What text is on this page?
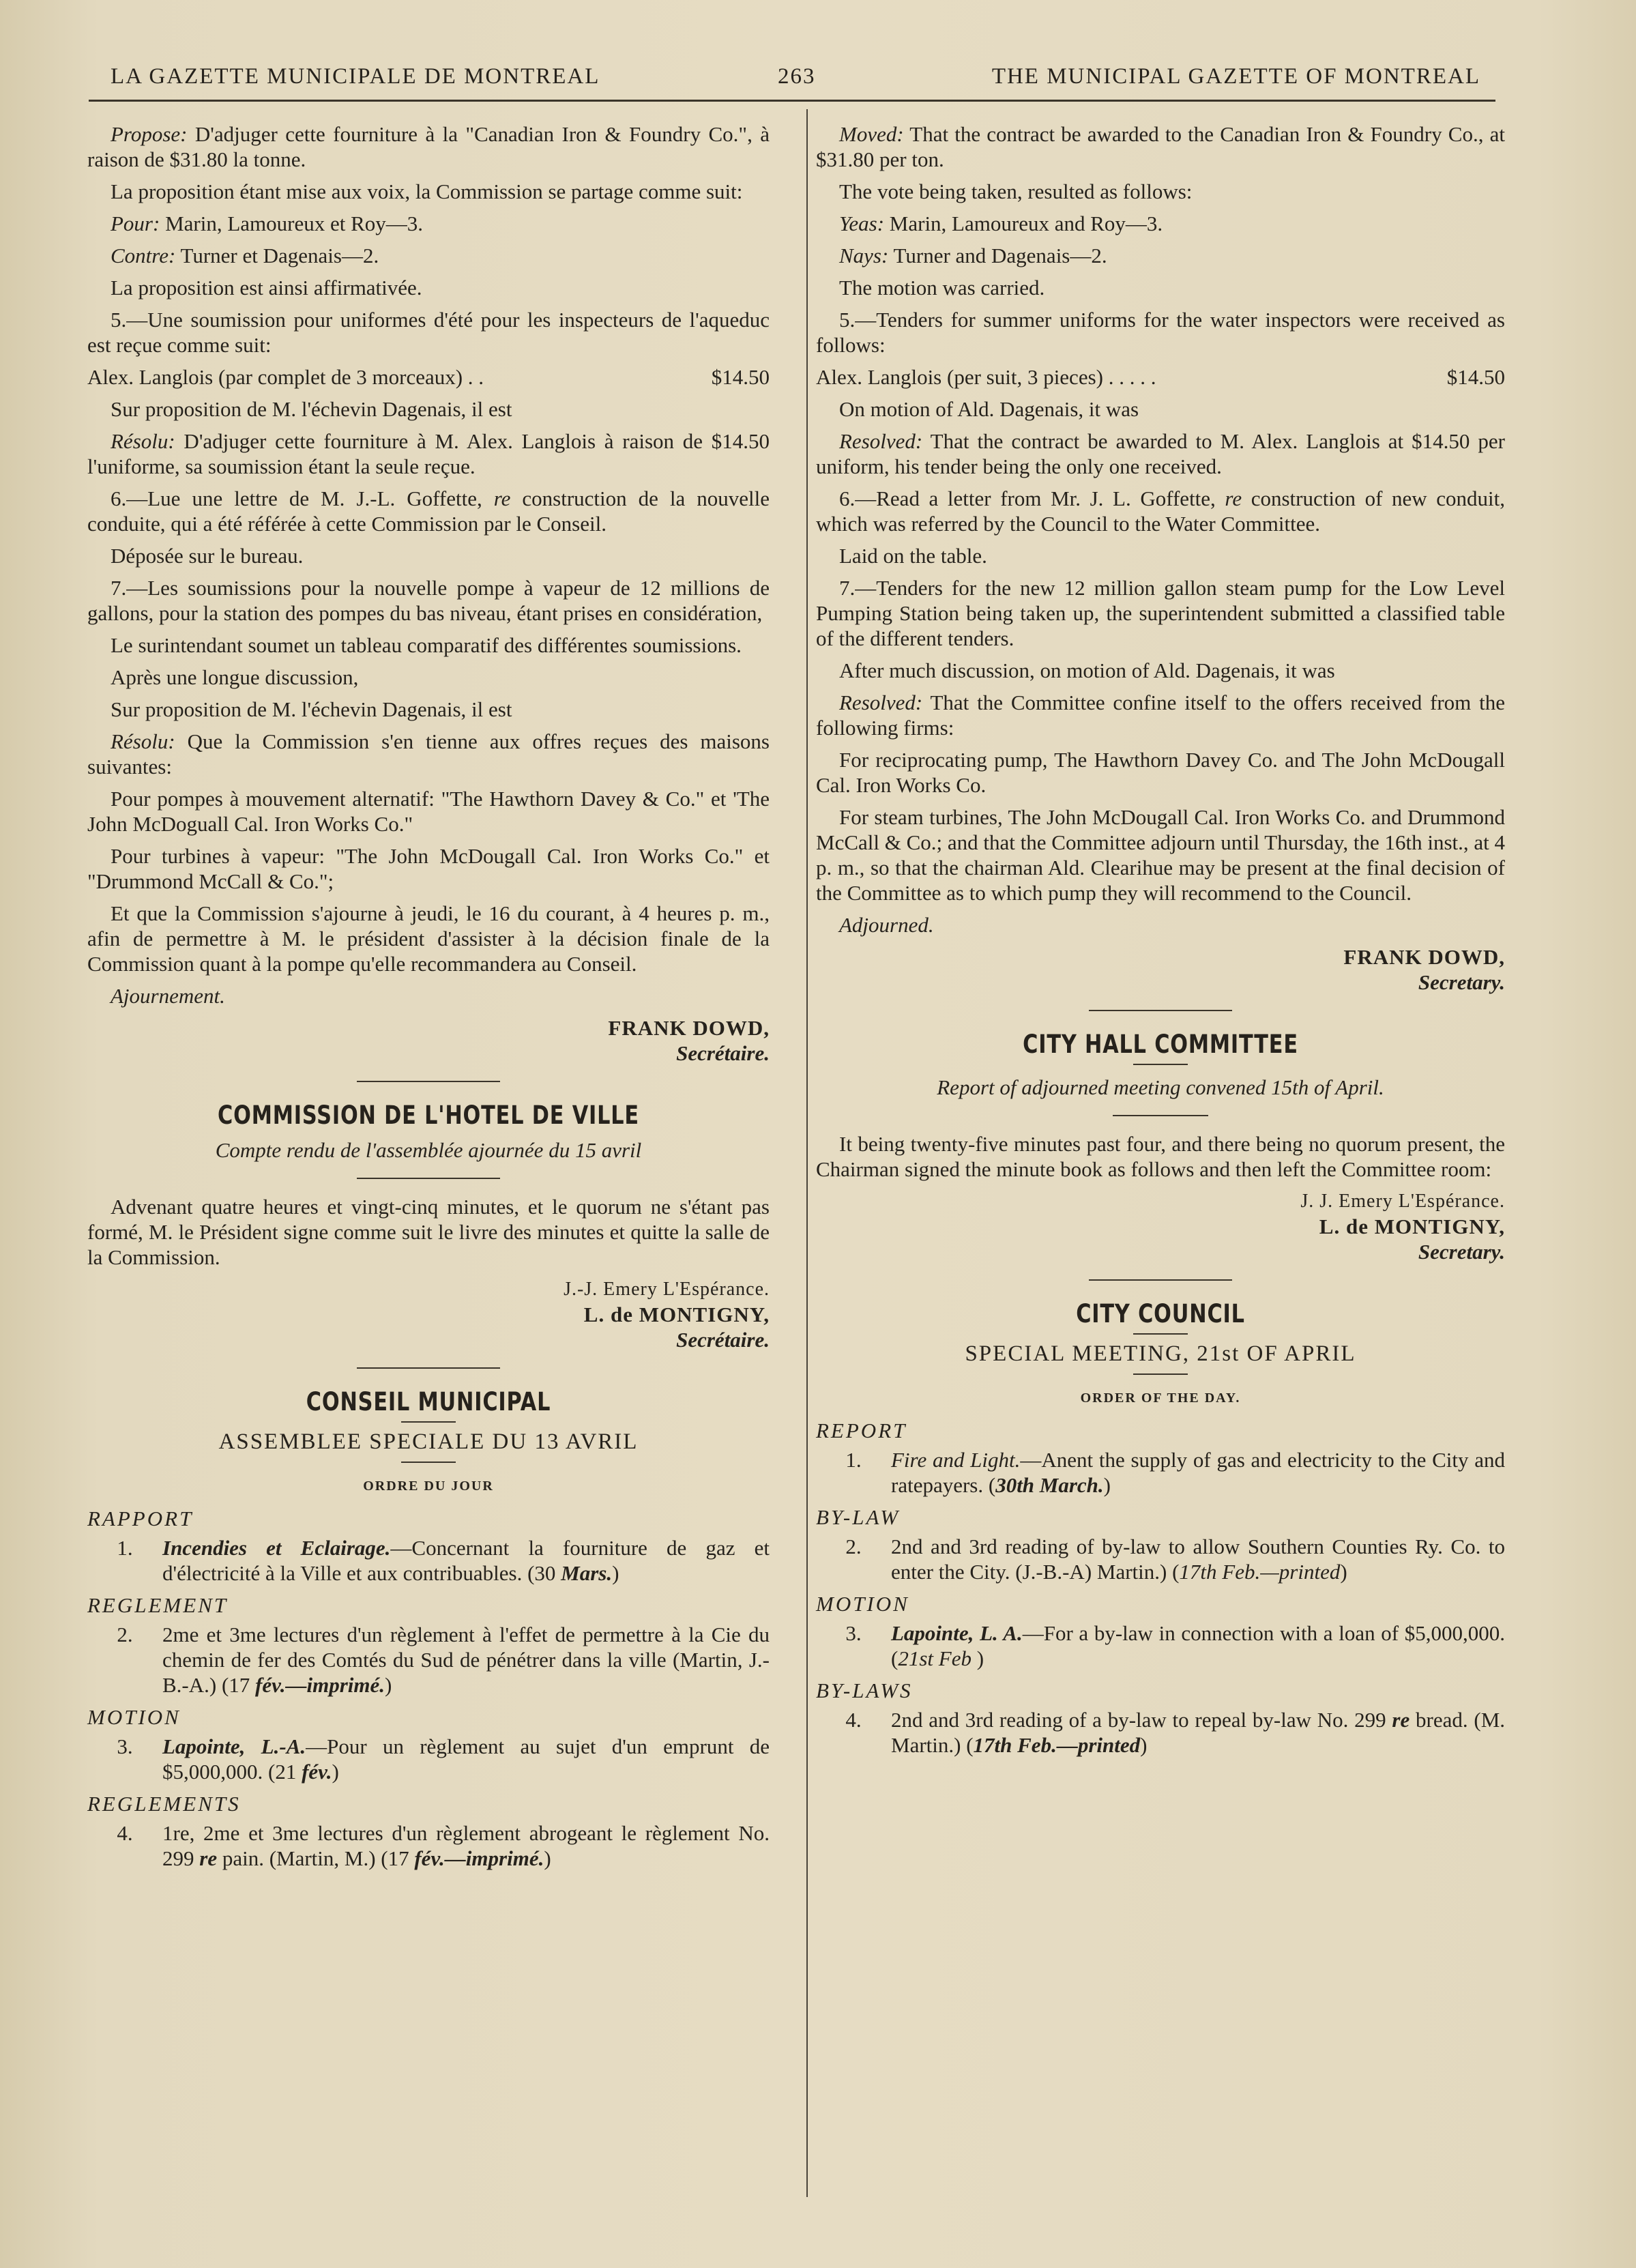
LA GAZETTE MUNICIPALE DE MONTREAL	263	THE MUNICIPAL GAZETTE OF MONTREAL

Propose: D'adjuger cette fourniture à la "Canadian Iron & Foundry Co.", à raison de $31.80 la tonne.

La proposition étant mise aux voix, la Commission se partage comme suit:

Pour: Marin, Lamoureux et Roy—3.

Contre: Turner et Dagenais—2.

La proposition est ainsi affirmativée.

5.—Une soumission pour uniformes d'été pour les inspecteurs de l'aqueduc est reçue comme suit:

Alex. Langlois (par complet de 3 morceaux) . .	$14.50

Sur proposition de M. l'échevin Dagenais, il est

Résolu: D'adjuger cette fourniture à M. Alex. Langlois à raison de $14.50 l'uniforme, sa soumission étant la seule reçue.

6.—Lue une lettre de M. J.-L. Goffette, re construction de la nouvelle conduite, qui a été référée à cette Commission par le Conseil.

Déposée sur le bureau.

7.—Les soumissions pour la nouvelle pompe à vapeur de 12 millions de gallons, pour la station des pompes du bas niveau, étant prises en considération,

Le surintendant soumet un tableau comparatif des différentes soumissions.

Après une longue discussion,

Sur proposition de M. l'échevin Dagenais, il est

Résolu: Que la Commission s'en tienne aux offres reçues des maisons suivantes:

Pour pompes à mouvement alternatif: "The Hawthorn Davey & Co." et 'The John McDoguall Cal. Iron Works Co."

Pour turbines à vapeur: "The John McDougall Cal. Iron Works Co." et "Drummond McCall & Co.";

Et que la Commission s'ajourne à jeudi, le 16 du courant, à 4 heures p. m., afin de permettre à M. le président d'assister à la décision finale de la Commission quant à la pompe qu'elle recommandera au Conseil.

Ajournement.

FRANK DOWD,

Secrétaire.

COMMISSION DE L'HOTEL DE VILLE
Compte rendu de l'assemblée ajournée du 15 avril

Advenant quatre heures et vingt-cinq minutes, et le quorum ne s'étant pas formé, M. le Président signe comme suit le livre des minutes et quitte la salle de la Commission.

J.-J. Emery L'Espérance.

L. de MONTIGNY,

Secrétaire.

CONSEIL MUNICIPAL
ASSEMBLEE SPECIALE DU 13 AVRIL
ORDRE DU JOUR
RAPPORT
1.	Incendies et Eclairage.—Concernant la fourniture de gaz et d'électricité à la Ville et aux contribuables. (30 Mars.)
REGLEMENT
2.	2me et 3me lectures d'un règlement à l'effet de permettre à la Cie du chemin de fer des Comtés du Sud de pénétrer dans la ville (Martin, J.-B.-A.) (17 fév.—imprimé.)
MOTION
3.	Lapointe, L.-A.—Pour un règlement au sujet d'un emprunt de $5,000,000. (21 fév.)
REGLEMENTS
4.	1re, 2me et 3me lectures d'un règlement abrogeant le règlement No. 299 re pain. (Martin, M.) (17 fév.—imprimé.)

Moved: That the contract be awarded to the Canadian Iron & Foundry Co., at $31.80 per ton.

The vote being taken, resulted as follows:

Yeas: Marin, Lamoureux and Roy—3.

Nays: Turner and Dagenais—2.

The motion was carried.

5.—Tenders for summer uniforms for the water inspectors were received as follows:

Alex. Langlois (per suit, 3 pieces) . . . . .	$14.50

On motion of Ald. Dagenais, it was

Resolved: That the contract be awarded to M. Alex. Langlois at $14.50 per uniform, his tender being the only one received.

6.—Read a letter from Mr. J. L. Goffette, re construction of new conduit, which was referred by the Council to the Water Committee.

Laid on the table.

7.—Tenders for the new 12 million gallon steam pump for the Low Level Pumping Station being taken up, the superintendent submitted a classified table of the different tenders.

After much discussion, on motion of Ald. Dagenais, it was

Resolved: That the Committee confine itself to the offers received from the following firms:

For reciprocating pump, The Hawthorn Davey Co. and The John McDougall Cal. Iron Works Co.

For steam turbines, The John McDougall Cal. Iron Works Co. and Drummond McCall & Co.; and that the Committee adjourn until Thursday, the 16th inst., at 4 p. m., so that the chairman Ald. Clearihue may be present at the final decision of the Committee as to which pump they will recommend to the Council.

Adjourned.

FRANK DOWD,

Secretary.

CITY HALL COMMITTEE
Report of adjourned meeting convened 15th of April.

It being twenty-five minutes past four, and there being no quorum present, the Chairman signed the minute book as follows and then left the Committee room:

J. J. Emery L'Espérance.

L. de MONTIGNY,

Secretary.

CITY COUNCIL
SPECIAL MEETING, 21st OF APRIL
ORDER OF THE DAY.
REPORT
1.	Fire and Light.—Anent the supply of gas and electricity to the City and ratepayers. (30th March.)
BY-LAW
2.	2nd and 3rd reading of by-law to allow Southern Counties Ry. Co. to enter the City. (J.-B.-A) Martin.) (17th Feb.—printed)
MOTION
3.	Lapointe, L. A.—For a by-law in connection with a loan of $5,000,000. (21st Feb )
BY-LAWS
4.	2nd and 3rd reading of a by-law to repeal by-law No. 299 re bread. (M. Martin.) (17th Feb.—printed)
